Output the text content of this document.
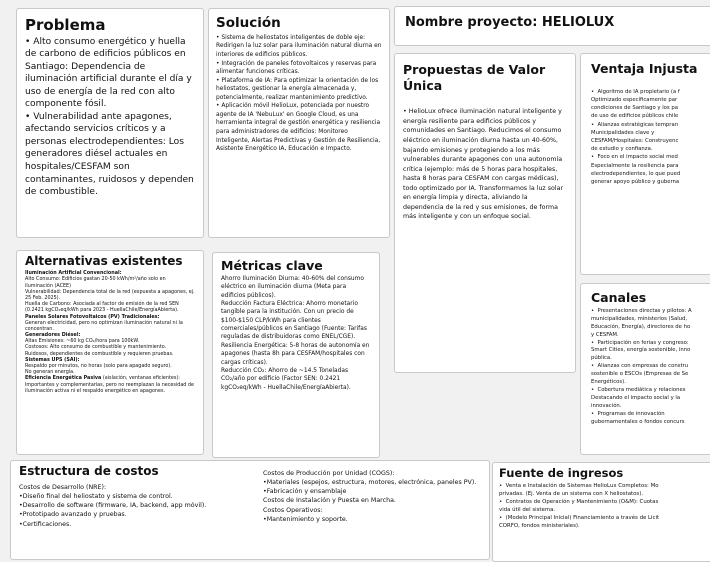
Problema

• Alto consumo energético y huella de carbono de edificios públicos en Santiago: Dependencia de iluminación artificial durante el día y uso de energía de la red con alto componente fósil.
• Vulnerabilidad ante apagones, afectando servicios críticos y a personas electrodependientes: Los generadores diésel actuales en hospitales/CESFAM son contaminantes, ruidosos y dependen de combustible.

Solución

• Sistema de heliostatos inteligentes de doble eje: Redirigen la luz solar para iluminación natural diurna en interiores de edificios públicos.
• Integración de paneles fotovoltaicos y reservas para alimentar funciones críticas.
• Plataforma de IA: Para optimizar la orientación de los heliostatos, gestionar la energía almacenada y, potencialmente, realizar mantenimiento predictivo.
• Aplicación móvil HelioLux, potenciada por nuestro agente de IA 'NebuLux' en Google Cloud, es una herramienta integral de gestión energética y resiliencia para administradores de edificios: Monitoreo Inteligente, Alertas Predictivas y Gestión de Resiliencia, Asistente Energético IA, Educación e Impacto.

Nombre proyecto: HELIOLUX
Propuestas de Valor Única

• HelioLux ofrece iluminación natural inteligente y energía resiliente para edificios públicos y comunidades en Santiago. Reducimos el consumo eléctrico en iluminación diurna hasta un 40-60%, bajando emisiones y protegiendo a los más vulnerables durante apagones con una autonomía crítica (ejemplo: más de 5 horas para hospitales, hasta 8 horas para CESFAM con cargas médicas), todo optimizado por IA. Transformamos la luz solar en energía limpia y directa, aliviando la dependencia de la red y sus emisiones, de forma más inteligente y con un enfoque social.

Ventaja Injusta

•  Algoritmo de IA propietario (a f
Optimizado específicamente par
condiciones de Santiago y los pa
de uso de edificios públicos chile
•  Alianzas estratégicas tempran
Municipalidades clave y
CESFAM/Hospitales: Construyenc
de estudio y confianza.
•  Foco en el impacto social med
Especialmente la resiliencia para
electrodependientes, lo que pued
generar apoyo público y guberna

Alternativas existentes
Iluminación Artificial Convencional:
Alto Consumo: Edificios gastan 20-50 kWh/m²/año solo en iluminación (ACEE)
Vulnerabilidad: Dependencia total de la red (expuesta a apagones, ej. 25 Feb. 2025).
Huella de Carbono: Asociada al factor de emisión de la red SEN (0.2421 kgCO₂eq/kWh para 2023 - HuellaChile/EnergíaAbierta).
Paneles Solares Fotovoltaicos (PV) Tradicionales:
Generan electricidad, pero no optimizan iluminación natural ni la concentran.
Generadores Diésel:
Altas Emisiones: ~60 kg CO₂/hora para 100kW.
Costosos: Alto consumo de combustible y mantenimiento.
Ruidosos, dependientes de combustible y requieren pruebas.
Sistemas UPS (SAI):
Respaldo por minutos, no horas (solo para apagado seguro).
No generan energía.
Eficiencia Energética Pasiva (aislación, ventanas eficientes):
Importantes y complementarias, pero no reemplazan la necesidad de iluminación activa ni el respaldo energético en apagones.
Métricas clave

Ahorro Iluminación Diurna: 40-60% del consumo eléctrico en iluminación diurna (Meta para edificios públicos).
Reducción Factura Eléctrica: Ahorro monetario tangible para la institución. Con un precio de $100-$150 CLP/kWh para clientes comerciales/públicos en Santiago (Fuente: Tarifas reguladas de distribuidoras como ENEL/CGE).
Resiliencia Energética: 5-8 horas de autonomía en apagones (hasta 8h para CESFAM/hospitales con cargas críticas).
Reducción CO₂: Ahorro de ~14.5 Toneladas CO₂/año por edificio (Factor SEN: 0.2421 kgCO₂eq/kWh - HuellaChile/EnergíaAbierta).

Canales

•  Presentaciones directas y pilotos: A
municipalidades, ministerios (Salud,
Educación, Energía), directores de ho
y CESFAM.
•  Participación en ferias y congreso:
Smart Cities, energía sostenible, inno
pública.
•  Alianzas con empresas de constru
sostenible o ESCOs (Empresas de Se
Energéticos).
•  Cobertura mediática y relaciones
Destacando el impacto social y la
innovación.
•  Programas de innovación
gubernamentales o fondos concurs

Estructura de costos

Costos de Desarrollo (NRE):
•Diseño final del heliostato y sistema de control.
•Desarrollo de software (firmware, IA, backend, app móvil).
•Prototipado avanzado y pruebas.
•Certificaciones.

Costos de Producción por Unidad (COGS):
•Materiales (espejos, estructura, motores, electrónica, paneles PV).
•Fabricación y ensamblaje
Costos de Instalación y Puesta en Marcha.
Costos Operativos:
•Mantenimiento y soporte.

Fuente de ingresos

•  Venta e Instalación de Sistemas HelioLux Completos: Mo
privadas. (Ej. Venta de un sistema con X heliostatos).
•  Contratos de Operación y Mantenimiento (O&M): Cuotas
vida útil del sistema.
•  (Modelo Principal Inicial) Financiamiento a través de Licit
CORFO, fondos ministeriales).
